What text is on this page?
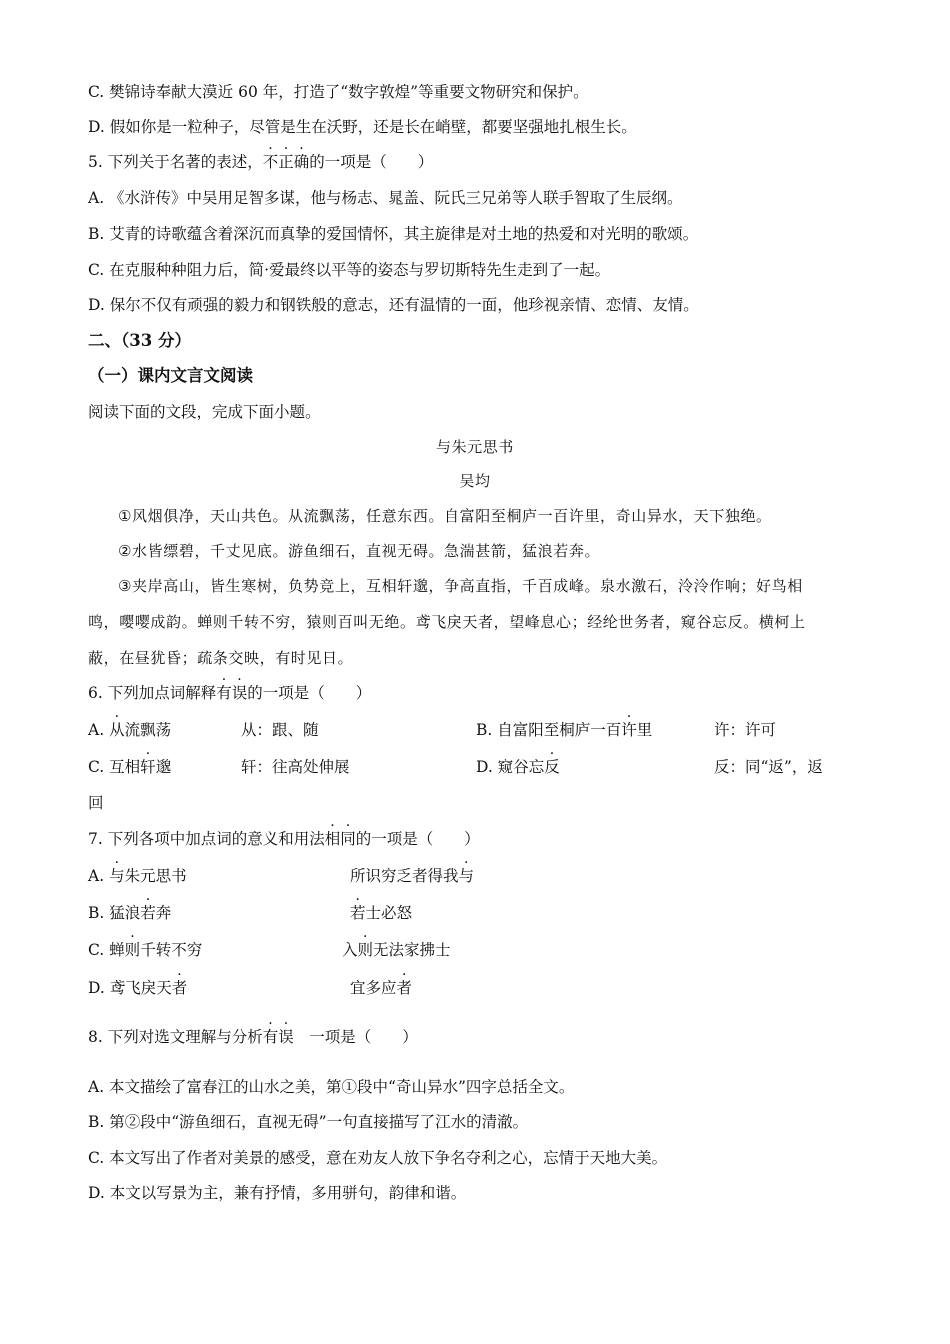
C. 樊锦诗奉献大漠近 60 年，打造了“数字敦煌”等重要文物研究和保护。
D. 假如你是一粒种子，尽管是生在沃野，还是长在峭壁，都要坚强地扎根生长。
5. 下列关于名著的表述，不正确的一项是（　　）
A. 《水浒传》中吴用足智多谋，他与杨志、晁盖、阮氏三兄弟等人联手智取了生辰纲。
B. 艾青的诗歌蕴含着深沉而真挚的爱国情怀，其主旋律是对土地的热爱和对光明的歌颂。
C. 在克服种种阻力后，简·爱最终以平等的姿态与罗切斯特先生走到了一起。
D. 保尔不仅有顽强的毅力和钢铁般的意志，还有温情的一面，他珍视亲情、恋情、友情。
二、（33 分）
（一）课内文言文阅读
阅读下面的文段，完成下面小题。
与朱元思书
吴均
①风烟俱净，天山共色。从流飘荡，任意东西。自富阳至桐庐一百许里，奇山异水，天下独绝。
②水皆缥碧，千丈见底。游鱼细石，直视无碍。急湍甚箭，猛浪若奔。
③夹岸高山，皆生寒树，负势竞上，互相轩邈，争高直指，千百成峰。泉水激石，泠泠作响；好鸟相
鸣，嘤嘤成韵。蝉则千转不穷，猿则百叫无绝。鸢飞戾天者，望峰息心；经纶世务者，窥谷忘反。横柯上
蔽，在昼犹昏；疏条交映，有时见日。
6. 下列加点词解释有误的一项是（　　）
A. 从流飘荡	从：跟、随	B. 自富阳至桐庐一百许里	许：许可
C. 互相轩邈	轩：往高处伸展	D. 窥谷忘反	反：同“返”，返
回
7. 下列各项中加点词的意义和用法相同的一项是（　　）
A. 与朱元思书	所识穷乏者得我与
B. 猛浪若奔	若士必怒
C. 蝉则千转不穷	入则无法家拂士
D. 鸢飞戾天者	宜多应者
8. 下列对选文理解与分析有误　一项是（　　）
A. 本文描绘了富春江的山水之美，第①段中“奇山异水”四字总括全文。
B. 第②段中“游鱼细石，直视无碍”一句直接描写了江水的清澈。
C. 本文写出了作者对美景的感受，意在劝友人放下争名夺利之心，忘情于天地大美。
D. 本文以写景为主，兼有抒情，多用骈句，韵律和谐。
